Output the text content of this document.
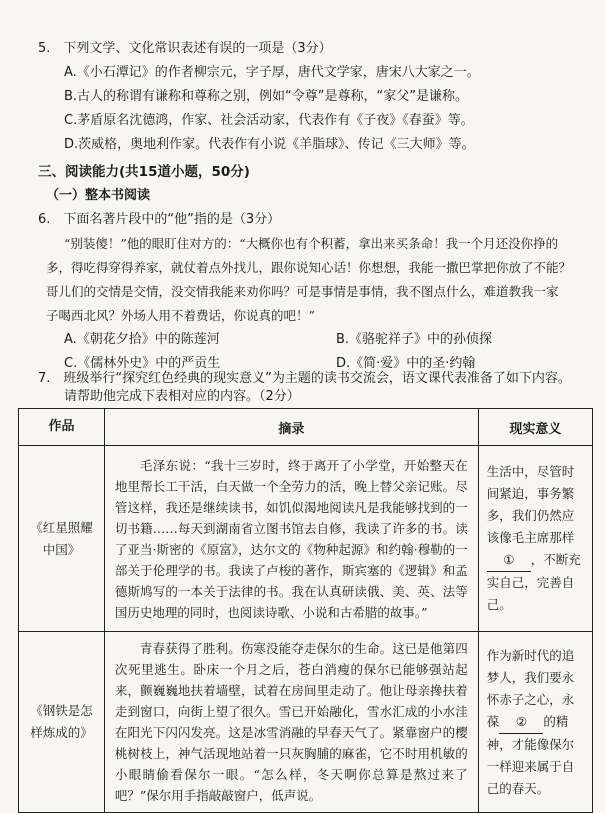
5.　下列文学、文化常识表述有误的一项是（3分）
A.《小石潭记》的作者柳宗元，字子厚，唐代文学家，唐宋八大家之一。
B.古人的称谓有谦称和尊称之别，例如“令尊”是尊称，“家父”是谦称。
C.茅盾原名沈德鸿，作家、社会活动家，代表作有《子夜》《春蚕》等。
D.茨威格，奥地利作家。代表作有小说《羊脂球》、传记《三大师》等。
三、阅读能力(共15道小题，50分)
（一）整本书阅读
6.　下面名著片段中的“他”指的是（3分）
“别装傻！”他的眼盯住对方的：“大概你也有个积蓄，拿出来买条命！我一个月还没你挣的
多，得吃得穿得养家，就仗着点外找儿，跟你说知心话！你想想，我能一撒巴掌把你放了不能？
哥儿们的交情是交情，没交情我能来劝你吗？可是事情是事情，我不图点什么，难道教我一家
子喝西北风？外场人用不着费话，你说真的吧！”
A.《朝花夕拾》中的陈莲河	B.《骆驼祥子》中的孙侦探
C.《儒林外史》中的严贡生	D.《简·爱》中的圣·约翰
7.　班级举行“探究红色经典的现实意义”为主题的读书交流会，语文课代表准备了如下内容。
请帮助他完成下表相对应的内容。（2分）
作品	摘录	现实意义
《红星照耀中国》	毛泽东说：“我十三岁时，终于离开了小学堂，开始整天在地里帮长工干活，白天做一个全劳力的活，晚上替父亲记账。尽管这样，我还是继续读书，如饥似渴地阅读凡是我能够找到的一切书籍……每天到湖南省立图书馆去自修，我读了许多的书。读了亚当·斯密的《原富》，达尔文的《物种起源》和约翰·穆勒的一部关于伦理学的书。我读了卢梭的著作，斯宾塞的《逻辑》和孟德斯鸠写的一本关于法律的书。我在认真研读俄、美、英、法等国历史地理的同时，也阅读诗歌、小说和古希腊的故事。”	生活中，尽管时间紧迫，事务繁多，我们仍然应该像毛主席那样① ，不断充实自己，完善自己。
《钢铁是怎样炼成的》	青春获得了胜利。伤寒没能夺走保尔的生命。这已是他第四次死里逃生。卧床一个月之后，苍白消瘦的保尔已能够强站起来，颤巍巍地扶着墙壁，试着在房间里走动了。他让母亲搀扶着走到窗口，向街上望了很久。雪已开始融化，雪水汇成的小水洼在阳光下闪闪发亮。这是冰雪消融的早春天气了。紧靠窗户的樱桃树枝上，神气活现地站着一只灰胸脯的麻雀，它不时用机敏的小眼睛偷看保尔一眼。“怎么样，冬天啊你总算是熬过来了吧？”保尔用手指敲敲窗户，低声说。	作为新时代的追梦人，我们要永怀赤子之心，永葆 ② 的精神，才能像保尔一样迎来属于自己的春天。
